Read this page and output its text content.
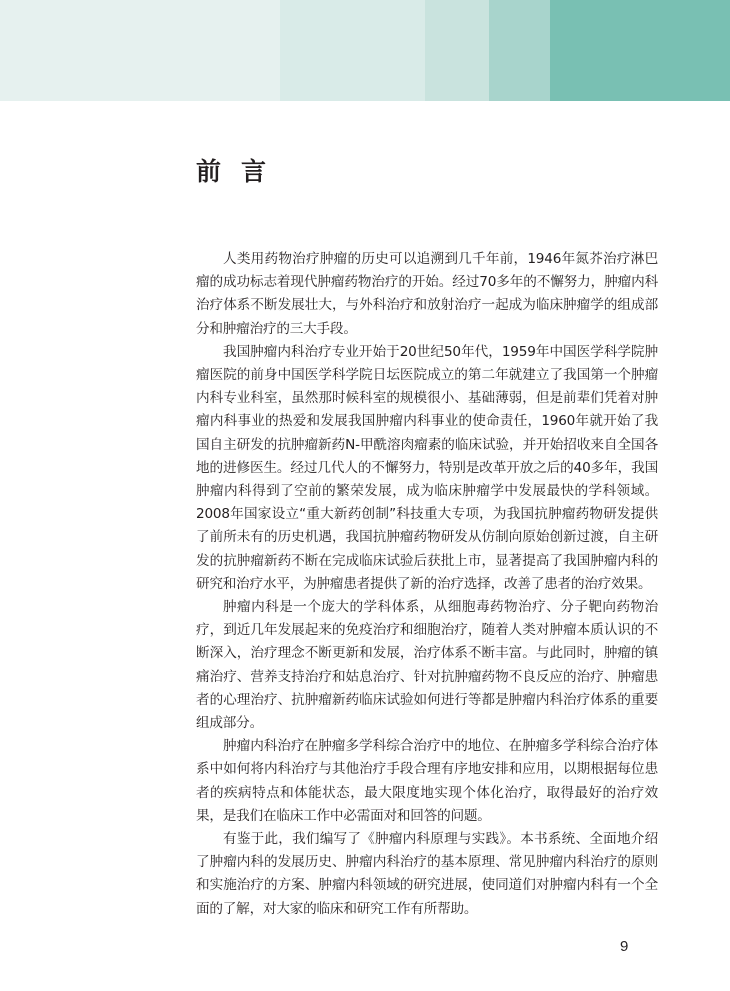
前言

人类用药物治疗肿瘤的历史可以追溯到几千年前，1946年氮芥治疗淋巴瘤的成功标志着现代肿瘤药物治疗的开始。经过70多年的不懈努力，肿瘤内科治疗体系不断发展壮大，与外科治疗和放射治疗一起成为临床肿瘤学的组成部分和肿瘤治疗的三大手段。

我国肿瘤内科治疗专业开始于20世纪50年代，1959年中国医学科学院肿瘤医院的前身中国医学科学院日坛医院成立的第二年就建立了我国第一个肿瘤内科专业科室，虽然那时候科室的规模很小、基础薄弱，但是前辈们凭着对肿瘤内科事业的热爱和发展我国肿瘤内科事业的使命责任，1960年就开始了我国自主研发的抗肿瘤新药N-甲酰溶肉瘤素的临床试验，并开始招收来自全国各地的进修医生。经过几代人的不懈努力，特别是改革开放之后的40多年，我国肿瘤内科得到了空前的繁荣发展，成为临床肿瘤学中发展最快的学科领域。2008年国家设立“重大新药创制”科技重大专项，为我国抗肿瘤药物研发提供了前所未有的历史机遇，我国抗肿瘤药物研发从仿制向原始创新过渡，自主研发的抗肿瘤新药不断在完成临床试验后获批上市，显著提高了我国肿瘤内科的研究和治疗水平，为肿瘤患者提供了新的治疗选择，改善了患者的治疗效果。

肿瘤内科是一个庞大的学科体系，从细胞毒药物治疗、分子靶向药物治疗，到近几年发展起来的免疫治疗和细胞治疗，随着人类对肿瘤本质认识的不断深入，治疗理念不断更新和发展，治疗体系不断丰富。与此同时，肿瘤的镇痛治疗、营养支持治疗和姑息治疗、针对抗肿瘤药物不良反应的治疗、肿瘤患者的心理治疗、抗肿瘤新药临床试验如何进行等都是肿瘤内科治疗体系的重要组成部分。

肿瘤内科治疗在肿瘤多学科综合治疗中的地位、在肿瘤多学科综合治疗体系中如何将内科治疗与其他治疗手段合理有序地安排和应用，以期根据每位患者的疾病特点和体能状态，最大限度地实现个体化治疗，取得最好的治疗效果，是我们在临床工作中必需面对和回答的问题。

有鉴于此，我们编写了《肿瘤内科原理与实践》。本书系统、全面地介绍了肿瘤内科的发展历史、肿瘤内科治疗的基本原理、常见肿瘤内科治疗的原则和实施治疗的方案、肿瘤内科领域的研究进展，使同道们对肿瘤内科有一个全面的了解，对大家的临床和研究工作有所帮助。

9
